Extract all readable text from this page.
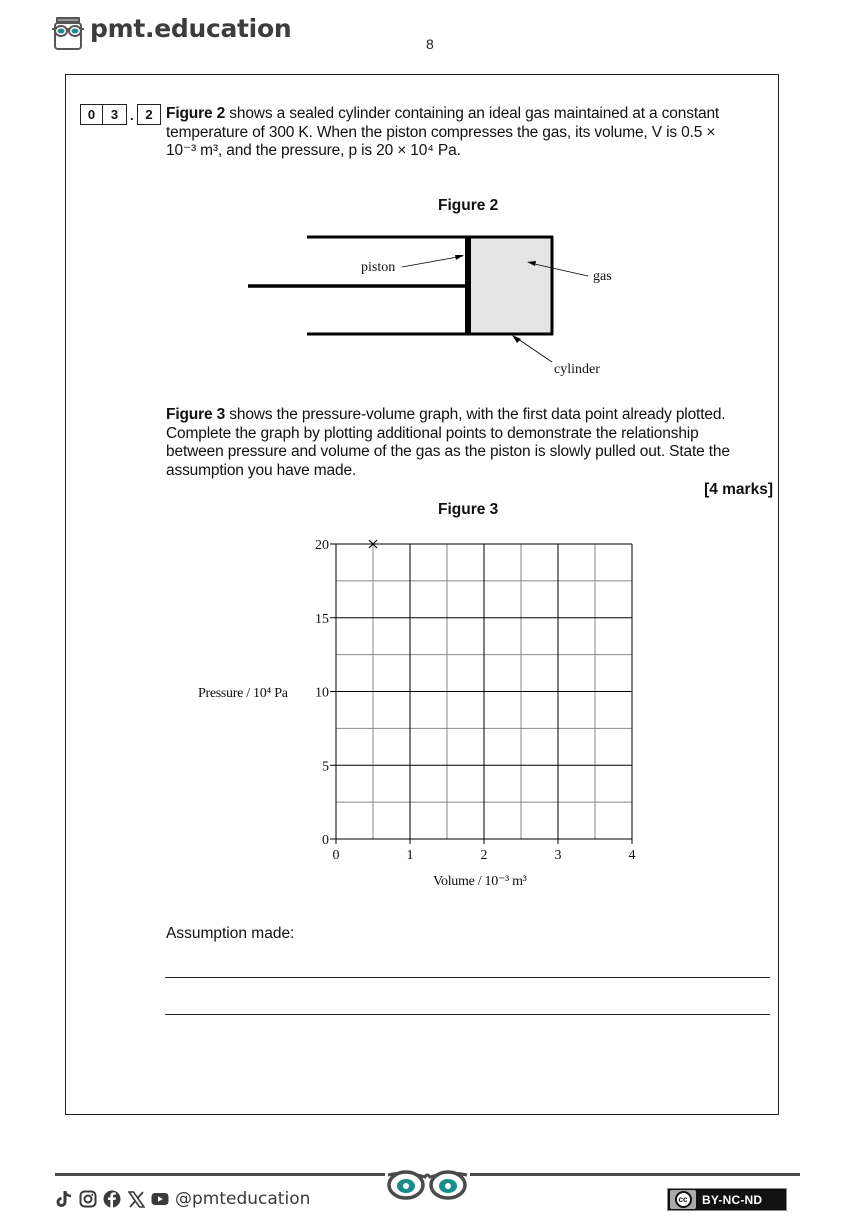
pmt.education
8
0	3 . 2 Figure 2 shows a sealed cylinder containing an ideal gas maintained at a constant
temperature of 300 K. When the piston compresses the gas, its volume, V is 0.5 ×
10⁻³ m³, and the pressure, p is 20 × 10⁴ Pa.
Figure 2
piston
gas
cylinder
Figure 3 shows the pressure-volume graph, with the first data point already plotted.
Complete the graph by plotting additional points to demonstrate the relationship
between pressure and volume of the gas as the piston is slowly pulled out. State the
assumption you have made.
[4 marks]
Figure 3
0	1	2	3	4
0
5
10
15
20
Pressure / 10⁴ Pa
Volume / 10⁻³ m³
Assumption made:
@pmteducation	cc	BY-NC-ND
